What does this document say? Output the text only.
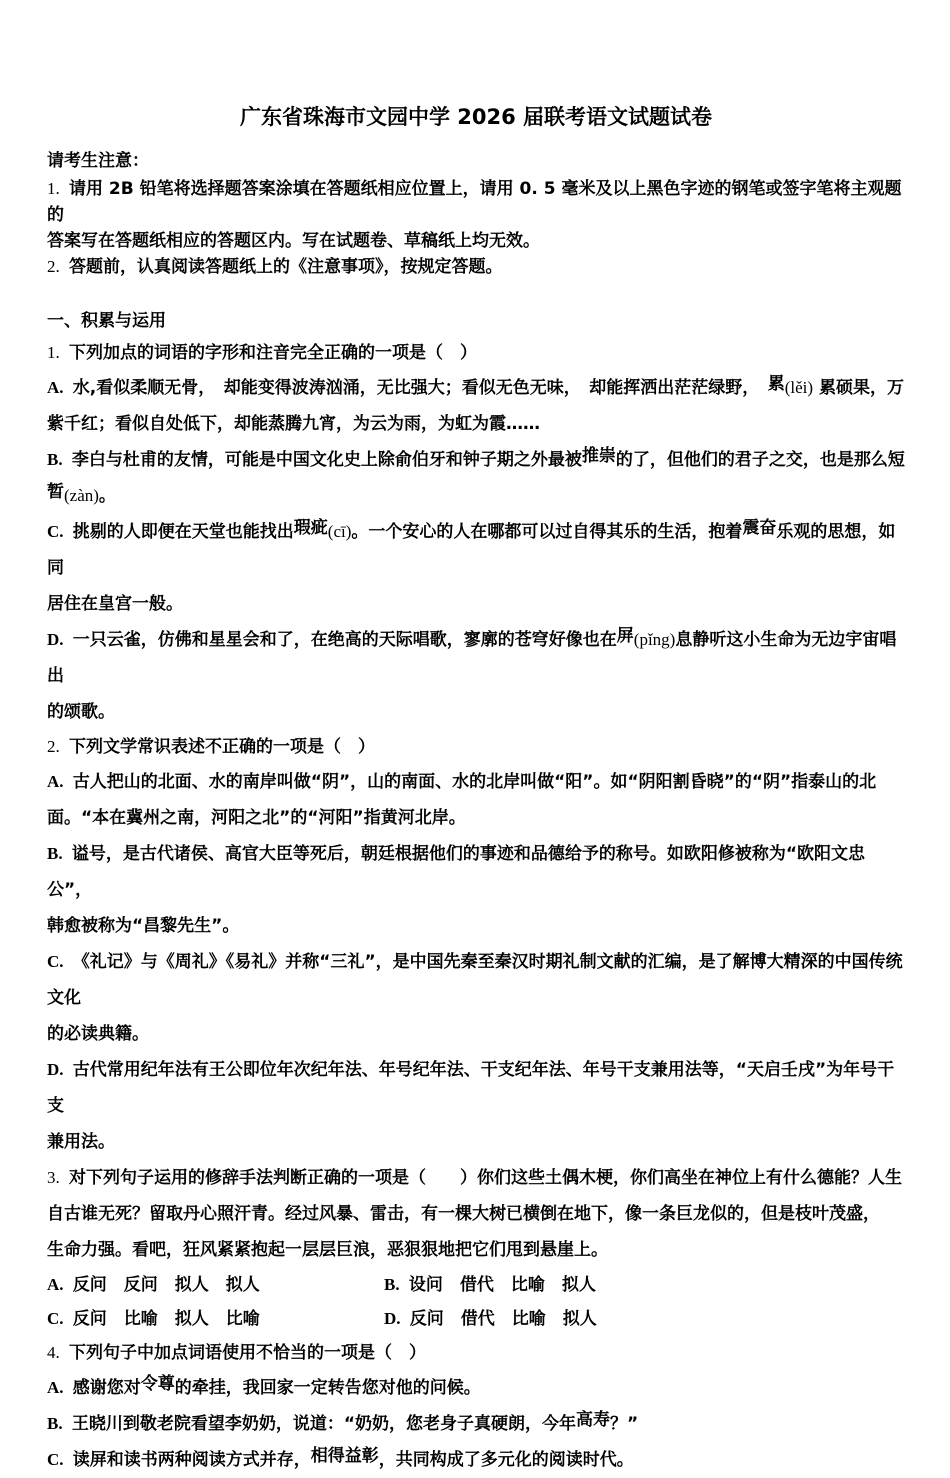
广东省珠海市文园中学 2026 届联考语文试题试卷

请考生注意：

1. 请用 2B 铅笔将选择题答案涂填在答题纸相应位置上，请用 0. 5 毫米及以上黑色字迹的钢笔或签字笔将主观题的
答案写在答题纸相应的答题区内。写在试题卷、草稿纸上均无效。
2. 答题前，认真阅读答题纸上的《注意事项》，按规定答题。
一、积累与运用
1. 下列加点的词语的字形和注音完全正确的一项是（　）
A. 水,看似柔顺无骨，　却能变得波涛汹涌，无比强大；看似无色无味，　却能挥洒出茫茫绿野，　累(lěi) 累硕果，万
紫千红；看似自处低下，却能蒸腾九宵，为云为雨，为虹为霞……
B. 李白与杜甫的友情，可能是中国文化史上除俞伯牙和钟子期之外最被推崇的了，但他们的君子之交，也是那么短
暂(zàn)。
C. 挑剔的人即便在天堂也能找出瑕疵(cī)。一个安心的人在哪都可以过自得其乐的生活，抱着震奋乐观的思想，如同
居住在皇宫一般。
D. 一只云雀，仿佛和星星会和了，在绝高的天际唱歌，寥廓的苍穹好像也在屏(pǐng)息静听这小生命为无边宇宙唱出
的颂歌。
2. 下列文学常识表述不正确的一项是（　）
A. 古人把山的北面、水的南岸叫做“阴”，山的南面、水的北岸叫做“阳”。如“阴阳割昏晓”的“阴”指泰山的北
面。“本在冀州之南，河阳之北”的“河阳”指黄河北岸。
B. 谥号，是古代诸侯、高官大臣等死后，朝廷根据他们的事迹和品德给予的称号。如欧阳修被称为“欧阳文忠公”，
韩愈被称为“昌黎先生”。
C. 《礼记》与《周礼》《易礼》并称“三礼”，是中国先秦至秦汉时期礼制文献的汇编，是了解博大精深的中国传统文化
的必读典籍。
D. 古代常用纪年法有王公即位年次纪年法、年号纪年法、干支纪年法、年号干支兼用法等，“天启壬戌”为年号干支
兼用法。
3. 对下列句子运用的修辞手法判断正确的一项是（　　）你们这些土偶木梗，你们高坐在神位上有什么德能？人生
自古谁无死？留取丹心照汗青。经过风暴、雷击，有一棵大树已横倒在地下，像一条巨龙似的，但是枝叶茂盛，
生命力强。看吧，狂风紧紧抱起一层层巨浪，恶狠狠地把它们甩到悬崖上。
A. 反问　反问　拟人　拟人	B. 设问　借代　比喻　拟人
C. 反问　比喻　拟人　比喻	D. 反问　借代　比喻　拟人
4. 下列句子中加点词语使用不恰当的一项是（　）
A. 感谢您对令尊的牵挂，我回家一定转告您对他的问候。
B. 王晓川到敬老院看望李奶奶，说道：“奶奶，您老身子真硬朗，今年高寿？”
C. 读屏和读书两种阅读方式并存，相得益彰，共同构成了多元化的阅读时代。
